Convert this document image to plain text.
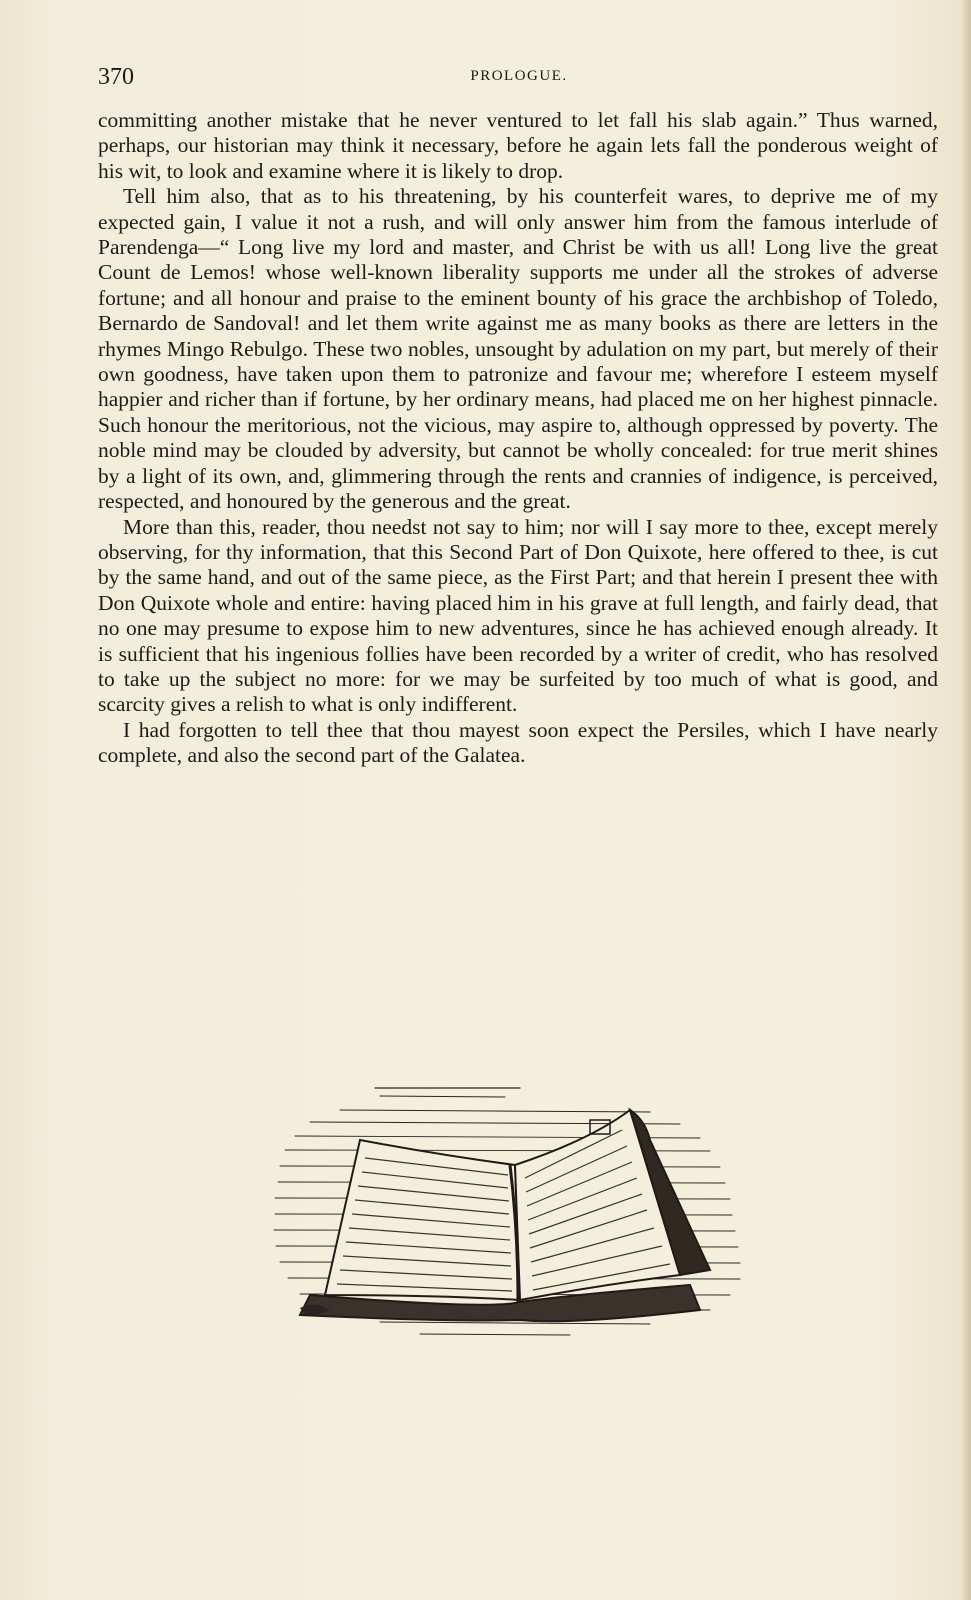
370	PROLOGUE.

committing another mistake that he never ventured to let fall his slab again.” Thus warned, perhaps, our historian may think it necessary, before he again lets fall the ponderous weight of his wit, to look and examine where it is likely to drop.

Tell him also, that as to his threatening, by his counterfeit wares, to deprive me of my expected gain, I value it not a rush, and will only answer him from the famous interlude of Parendenga—“ Long live my lord and master, and Christ be with us all! Long live the great Count de Lemos! whose well-known liberality supports me under all the strokes of adverse fortune; and all honour and praise to the eminent bounty of his grace the archbishop of Toledo, Bernardo de Sandoval! and let them write against me as many books as there are letters in the rhymes Mingo Rebulgo. These two nobles, unsought by adulation on my part, but merely of their own goodness, have taken upon them to patronize and favour me; wherefore I esteem myself happier and richer than if fortune, by her ordinary means, had placed me on her highest pinnacle. Such honour the meritorious, not the vicious, may aspire to, although oppressed by poverty. The noble mind may be clouded by adversity, but cannot be wholly concealed: for true merit shines by a light of its own, and, glimmering through the rents and crannies of indigence, is perceived, respected, and honoured by the generous and the great.

More than this, reader, thou needst not say to him; nor will I say more to thee, except merely observing, for thy information, that this Second Part of Don Quixote, here offered to thee, is cut by the same hand, and out of the same piece, as the First Part; and that herein I present thee with Don Quixote whole and entire: having placed him in his grave at full length, and fairly dead, that no one may presume to expose him to new adventures, since he has achieved enough already. It is sufficient that his ingenious follies have been recorded by a writer of credit, who has resolved to take up the subject no more: for we may be surfeited by too much of what is good, and scarcity gives a relish to what is only indifferent.

I had forgotten to tell thee that thou mayest soon expect the Persiles, which I have nearly complete, and also the second part of the Galatea.
